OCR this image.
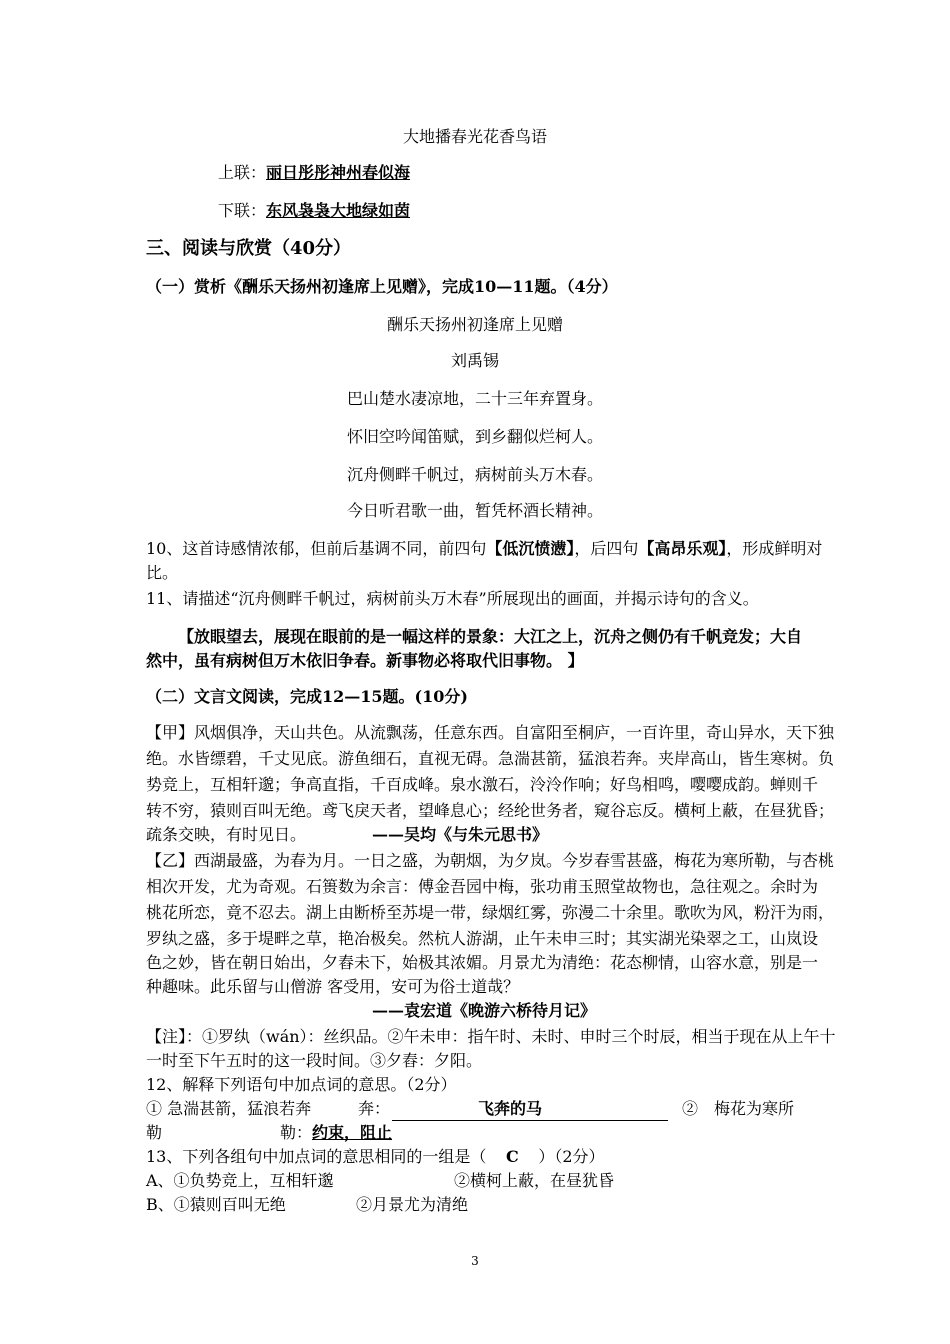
大地播春光花香鸟语
上联：丽日彤彤神州春似海
下联：东风袅袅大地绿如茵
三、阅读与欣赏（40分）
（一）赏析《酬乐天扬州初逢席上见赠》，完成10—11题。（4分）
酬乐天扬州初逢席上见赠
刘禹锡
巴山楚水凄凉地，二十三年弃置身。
怀旧空吟闻笛赋，到乡翻似烂柯人。
沉舟侧畔千帆过，病树前头万木春。
今日听君歌一曲，暂凭杯酒长精神。
10、这首诗感情浓郁，但前后基调不同，前四句【低沉愤懑】，后四句【高昂乐观】，形成鲜明对
比。
11、请描述“沉舟侧畔千帆过，病树前头万木春”所展现出的画面，并揭示诗句的含义。
【放眼望去，展现在眼前的是一幅这样的景象：大江之上，沉舟之侧仍有千帆竞发；大自
然中，虽有病树但万木依旧争春。新事物必将取代旧事物。 】
（二）文言文阅读，完成12—15题。(10分)
【甲】风烟俱净，天山共色。从流飘荡，任意东西。自富阳至桐庐，一百许里，奇山异水，天下独
绝。水皆缥碧，千丈见底。游鱼细石，直视无碍。急湍甚箭，猛浪若奔。夹岸高山，皆生寒树。负
势竞上，互相轩邈；争高直指，千百成峰。泉水激石，泠泠作响；好鸟相鸣，嘤嘤成韵。蝉则千
转不穷，猿则百叫无绝。鸢飞戾天者，望峰息心；经纶世务者，窥谷忘反。横柯上蔽，在昼犹昏；
疏条交映，有时见日。	——吴均《与朱元思书》
【乙】西湖最盛，为春为月。一日之盛，为朝烟，为夕岚。今岁春雪甚盛，梅花为寒所勒，与杏桃
相次开发，尤为奇观。石篑数为余言：傅金吾园中梅，张功甫玉照堂故物也，急往观之。余时为
桃花所恋，竟不忍去。湖上由断桥至苏堤一带，绿烟红雾，弥漫二十余里。歌吹为风，粉汗为雨，
罗纨之盛，多于堤畔之草，艳冶极矣。然杭人游湖，止午未申三时；其实湖光染翠之工，山岚设
色之妙，皆在朝日始出，夕舂未下，始极其浓媚。月景尤为清绝：花态柳情，山容水意，别是一
种趣味。此乐留与山僧游 客受用，安可为俗士道哉？
——袁宏道《晚游六桥待月记》
【注】：①罗纨（wán）：丝织品。②午未申：指午时、未时、申时三个时辰，相当于现在从上午十
一时至下午五时的这一段时间。③夕舂：夕阳。
12、解释下列语句中加点词的意思。（2分）
① 急湍甚箭，猛浪若奔	奔：	飞奔的马	②　梅花为寒所
勒	勒：约束，阻止
13、下列各组句中加点词的意思相同的一组是（ C ）（2分）
A、①负势竞上，互相轩邈	②横柯上蔽，在昼犹昏
B、①猿则百叫无绝	②月景尤为清绝
3
